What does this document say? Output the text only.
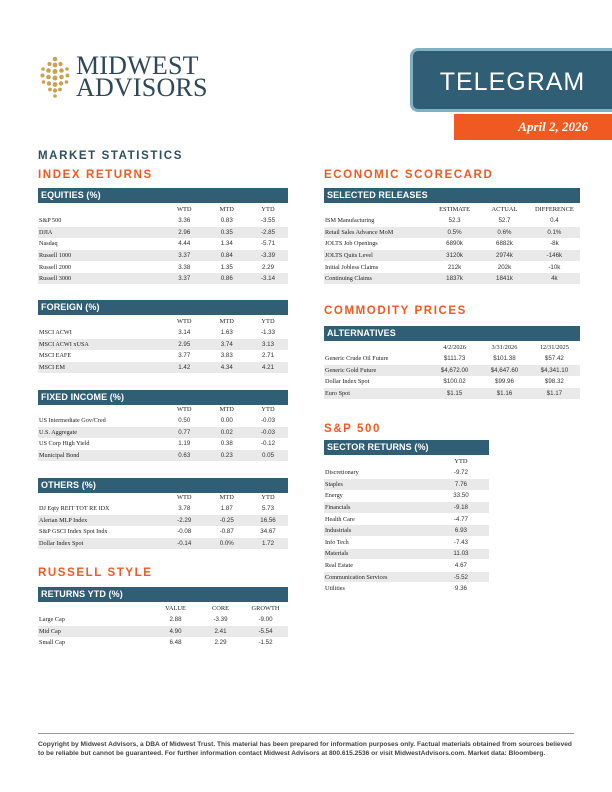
MIDWEST
ADVISORS	TELEGRAM
April 2, 2026
MARKET STATISTICS
INDEX RETURNS
EQUITIES (%)
	WTD	MTD	YTD
S&P 500	3.36	0.83	-3.55
DJIA	2.96	0.35	-2.85
Nasdaq	4.44	1.34	-5.71
Russell 1000	3.37	0.84	-3.39
Russell 2000	3.38	1.35	2.29
Russell 3000	3.37	0.86	-3.14
FOREIGN (%)
	WTD	MTD	YTD
MSCI ACWI	3.14	1.63	-1.33
MSCI ACWI xUSA	2.95	3.74	3.13
MSCI EAFE	3.77	3.83	2.71
MSCI EM	1.42	4.34	4.21
FIXED INCOME (%)
	WTD	MTD	YTD
US Intermediate Gov/Cred	0.50	0.00	-0.03
U.S. Aggregate	0.77	0.02	-0.03
US Corp High Yield	1.19	0.38	-0.12
Municipal Bond	0.63	0.23	0.05
OTHERS (%)
	WTD	MTD	YTD
DJ Eqty REIT TOT RE IDX	3.78	1.87	5.73
Alerian MLP Index	-2.29	-0.25	16.56
S&P GSCI Index Spot Indx	-0.08	-0.87	34.67
Dollar Index Spot	-0.14	0.0%	1.72
RUSSELL STYLE
RETURNS YTD (%)
	VALUE	CORE	GROWTH
Large Cap	2.88	-3.39	-9.00
Mid Cap	4.90	2.41	-5.54
Small Cap	6.48	2.29	-1.52
ECONOMIC SCORECARD
SELECTED RELEASES
	ESTIMATE	ACTUAL	DIFFERENCE
ISM Manufacturing	52.3	52.7	0.4
Retail Sales Advance MoM	0.5%	0.6%	0.1%
JOLTS Job Openings	6890k	6882k	-8k
JOLTS Quits Level	3120k	2974k	-146k
Initial Jobless Claims	212k	202k	-10k
Continuing Claims	1837k	1841k	4k
COMMODITY PRICES
ALTERNATIVES
	4/2/2026	3/31/2026	12/31/2025
Generic Crude Oil Future	$111.73	$101.38	$57.42
Generic Gold Future	$4,672.00	$4,647.60	$4,341.10
Dollar Index Spot	$100.02	$99.96	$98.32
Euro Spot	$1.15	$1.16	$1.17
S&P 500
SECTOR RETURNS (%)
	YTD
Discretionary	-9.72
Staples	7.76
Energy	33.50
Financials	-9.18
Health Care	-4.77
Industrials	6.93
Info Tech	-7.43
Materials	11.03
Real Estate	4.67
Communication Services	-5.52
Utilities	9.36
Copyright by Midwest Advisors, a DBA of Midwest Trust. This material has been prepared for information purposes only. Factual materials obtained from sources believed to be reliable but cannot be guaranteed. For further information contact Midwest Advisors at 800.615.2536 or visit MidwestAdvisors.com. Market data: Bloomberg.
